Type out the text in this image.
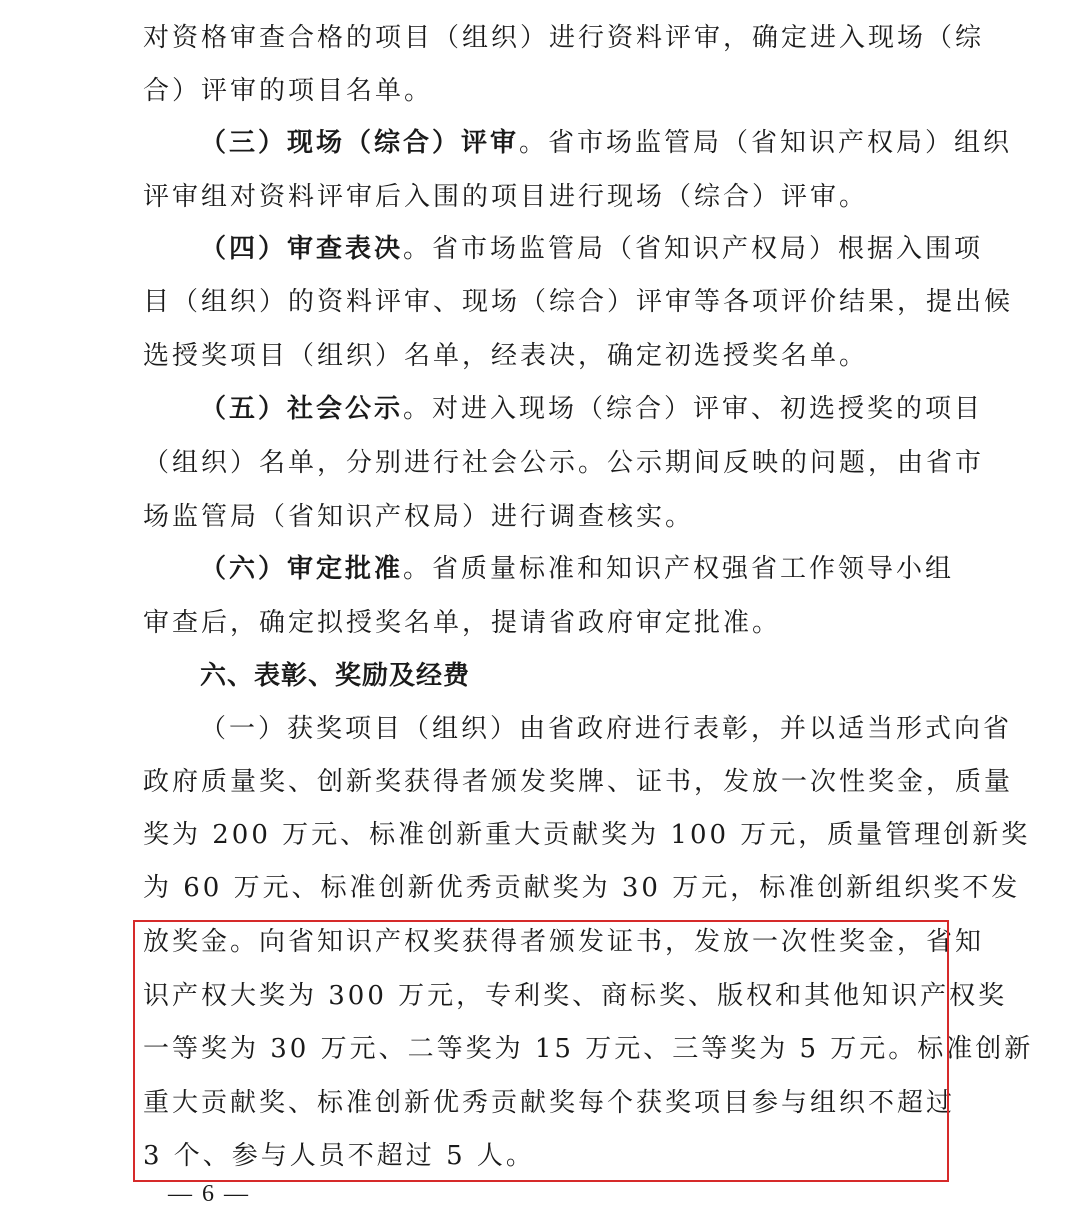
对资格审查合格的项目（组织）进行资料评审，确定进入现场（综
合）评审的项目名单。
（三）现场（综合）评审。省市场监管局（省知识产权局）组织
评审组对资料评审后入围的项目进行现场（综合）评审。
（四）审查表决。省市场监管局（省知识产权局）根据入围项
目（组织）的资料评审、现场（综合）评审等各项评价结果，提出候
选授奖项目（组织）名单，经表决，确定初选授奖名单。
（五）社会公示。对进入现场（综合）评审、初选授奖的项目
（组织）名单，分别进行社会公示。公示期间反映的问题，由省市
场监管局（省知识产权局）进行调查核实。
（六）审定批准。省质量标准和知识产权强省工作领导小组
审查后，确定拟授奖名单，提请省政府审定批准。
六、表彰、奖励及经费
（一）获奖项目（组织）由省政府进行表彰，并以适当形式向省
政府质量奖、创新奖获得者颁发奖牌、证书，发放一次性奖金，质量
奖为 200 万元、标准创新重大贡献奖为 100 万元，质量管理创新奖
为 60 万元、标准创新优秀贡献奖为 30 万元，标准创新组织奖不发
放奖金。向省知识产权奖获得者颁发证书，发放一次性奖金，省知
识产权大奖为 300 万元，专利奖、商标奖、版权和其他知识产权奖
一等奖为 30 万元、二等奖为 15 万元、三等奖为 5 万元。标准创新
重大贡献奖、标准创新优秀贡献奖每个获奖项目参与组织不超过
3 个、参与人员不超过 5 人。
— 6 —
